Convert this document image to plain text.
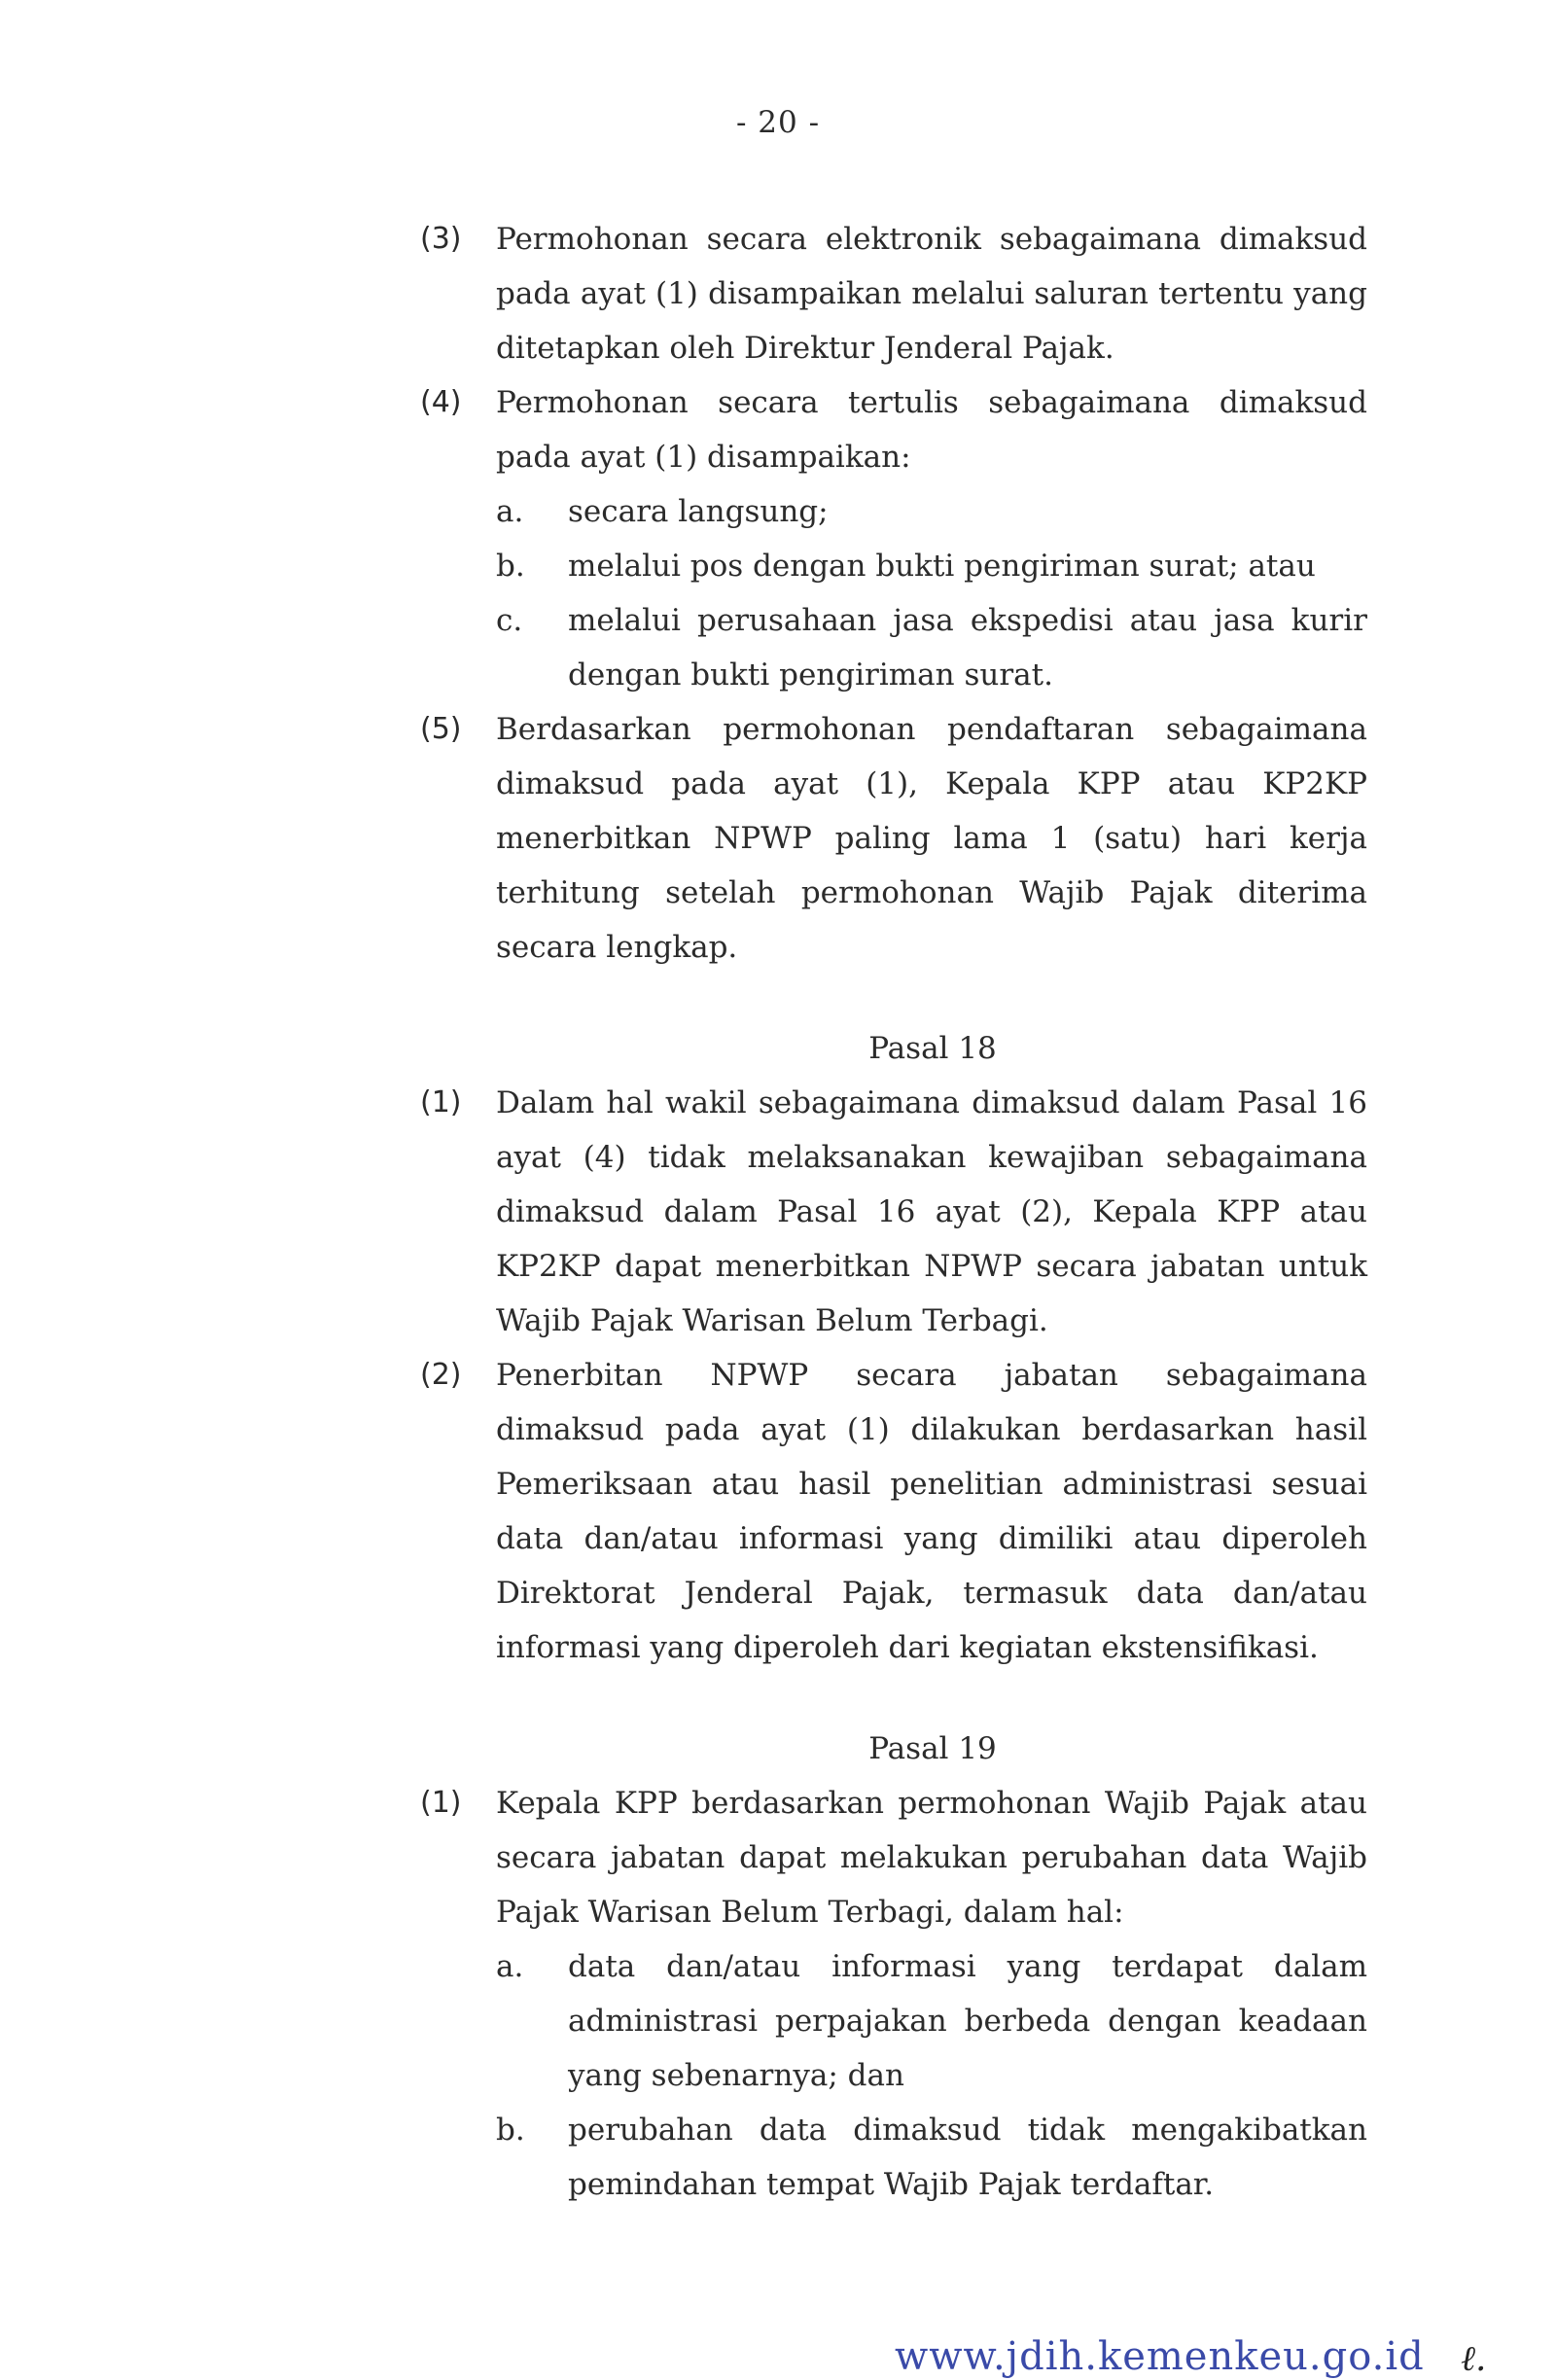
- 20 -
(3) Permohonan secara elektronik sebagaimana dimaksud pada ayat (1) disampaikan melalui saluran tertentu yang ditetapkan oleh Direktur Jenderal Pajak.
(4) Permohonan secara tertulis sebagaimana dimaksud pada ayat (1) disampaikan:
a. secara langsung;
b. melalui pos dengan bukti pengiriman surat; atau
c. melalui perusahaan jasa ekspedisi atau jasa kurir dengan bukti pengiriman surat.
(5) Berdasarkan permohonan pendaftaran sebagaimana dimaksud pada ayat (1), Kepala KPP atau KP2KP menerbitkan NPWP paling lama 1 (satu) hari kerja terhitung setelah permohonan Wajib Pajak diterima secara lengkap.
Pasal 18
(1) Dalam hal wakil sebagaimana dimaksud dalam Pasal 16 ayat (4) tidak melaksanakan kewajiban sebagaimana dimaksud dalam Pasal 16 ayat (2), Kepala KPP atau KP2KP dapat menerbitkan NPWP secara jabatan untuk Wajib Pajak Warisan Belum Terbagi.
(2) Penerbitan NPWP secara jabatan sebagaimana dimaksud pada ayat (1) dilakukan berdasarkan hasil Pemeriksaan atau hasil penelitian administrasi sesuai data dan/atau informasi yang dimiliki atau diperoleh Direktorat Jenderal Pajak, termasuk data dan/atau informasi yang diperoleh dari kegiatan ekstensifikasi.
Pasal 19
(1) Kepala KPP berdasarkan permohonan Wajib Pajak atau secara jabatan dapat melakukan perubahan data Wajib Pajak Warisan Belum Terbagi, dalam hal:
a. data dan/atau informasi yang terdapat dalam administrasi perpajakan berbeda dengan keadaan yang sebenarnya; dan
b. perubahan data dimaksud tidak mengakibatkan pemindahan tempat Wajib Pajak terdaftar.
www.jdih.kemenkeu.go.id ℓ.
